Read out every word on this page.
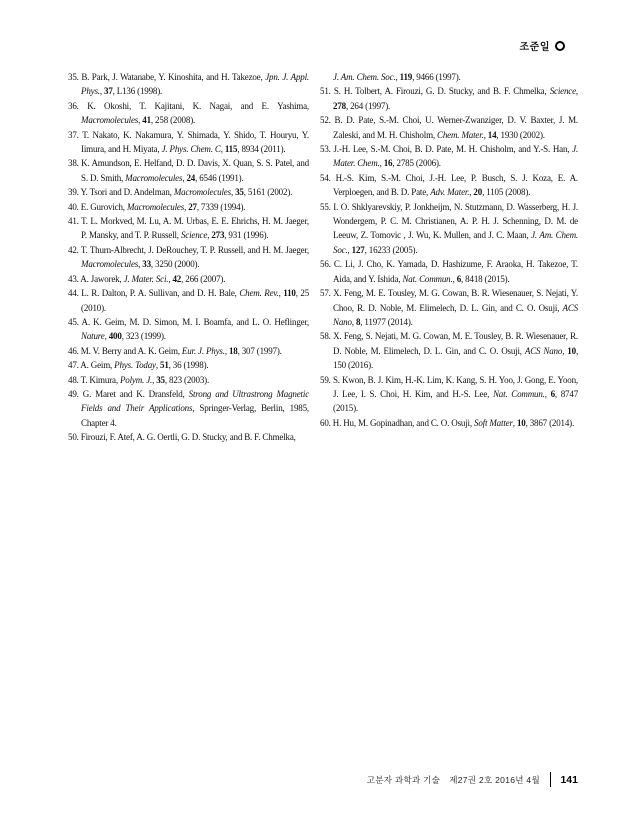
조준일
35. B. Park, J. Watanabe, Y. Kinoshita, and H. Takezoe, Jpn. J. Appl. Phys., 37, L136 (1998).
36. K. Okoshi, T. Kajitani, K. Nagai, and E. Yashima, Macromolecules, 41, 258 (2008).
37. T. Nakato, K. Nakamura, Y. Shimada, Y. Shido, T. Houryu, Y. Iimura, and H. Miyata, J. Phys. Chem. C, 115, 8934 (2011).
38. K. Amundson, E. Helfand, D. D. Davis, X. Quan, S. S. Patel, and S. D. Smith, Macromolecules, 24, 6546 (1991).
39. Y. Tsori and D. Andelman, Macromolecules, 35, 5161 (2002).
40. E. Gurovich, Macromolecules, 27, 7339 (1994).
41. T. L. Morkved, M. Lu, A. M. Urbas, E. E. Ehrichs, H. M. Jaeger, P. Mansky, and T. P. Russell, Science, 273, 931 (1996).
42. T. Thurn-Albrecht, J. DeRouchey, T. P. Russell, and H. M. Jaeger, Macromolecules, 33, 3250 (2000).
43. A. Jaworek, J. Mater. Sci., 42, 266 (2007).
44. L. R. Dalton, P. A. Sullivan, and D. H. Bale, Chem. Rev., 110, 25 (2010).
45. A. K. Geim, M. D. Simon, M. I. Boamfa, and L. O. Heflinger, Nature, 400, 323 (1999).
46. M. V. Berry and A. K. Geim, Eur. J. Phys., 18, 307 (1997).
47. A. Geim, Phys. Today, 51, 36 (1998).
48. T. Kimura, Polym. J., 35, 823 (2003).
49. G. Maret and K. Dransfeld, Strong and Ultrastrong Magnetic Fields and Their Applications, Springer-Verlag, Berlin, 1985, Chapter 4.
50. Firouzi, F. Atef, A. G. Oertli, G. D. Stucky, and B. F. Chmelka,
J. Am. Chem. Soc., 119, 9466 (1997).
51. S. H. Tolbert, A. Firouzi, G. D. Stucky, and B. F. Chmelka, Science, 278, 264 (1997).
52. B. D. Pate, S.-M. Choi, U. Werner-Zwanziger, D. V. Baxter, J. M. Zaleski, and M. H. Chisholm, Chem. Mater., 14, 1930 (2002).
53. J.-H. Lee, S.-M. Choi, B. D. Pate, M. H. Chisholm, and Y.-S. Han, J. Mater. Chem., 16, 2785 (2006).
54. H.-S. Kim, S.-M. Choi, J.-H. Lee, P. Busch, S. J. Koza, E. A. Verploegen, and B. D. Pate, Adv. Mater., 20, 1105 (2008).
55. I. O. Shklyarevskiy, P. Jonkheijm, N. Stutzmann, D. Wasserberg, H. J. Wondergem, P. C. M. Christianen, A. P. H. J. Schenning, D. M. de Leeuw, Z. Tomovic , J. Wu, K. Mullen, and J. C. Maan, J. Am. Chem. Soc., 127, 16233 (2005).
56. C. Li, J. Cho, K. Yamada, D. Hashizume, F. Araoka, H. Takezoe, T. Aida, and Y. Ishida, Nat. Commun., 6, 8418 (2015).
57. X. Feng, M. E. Tousley, M. G. Cowan, B. R. Wiesenauer, S. Nejati, Y. Choo, R. D. Noble, M. Elimelech, D. L. Gin, and C. O. Osuji, ACS Nano, 8, 11977 (2014).
58. X. Feng, S. Nejati, M. G. Cowan, M. E. Tousley, B. R. Wiesenauer, R. D. Noble, M. Elimelech, D. L. Gin, and C. O. Osuji, ACS Nano, 10, 150 (2016).
59. S. Kwon, B. J. Kim, H.-K. Lim, K. Kang, S. H. Yoo, J. Gong, E. Yoon, J. Lee, I. S. Choi, H. Kim, and H.-S. Lee, Nat. Commun., 6, 8747 (2015).
60. H. Hu, M. Gopinadhan, and C. O. Osuji, Soft Matter, 10, 3867 (2014).
고분자 과학과 기술 제27권 2호 2016년 4월 141
